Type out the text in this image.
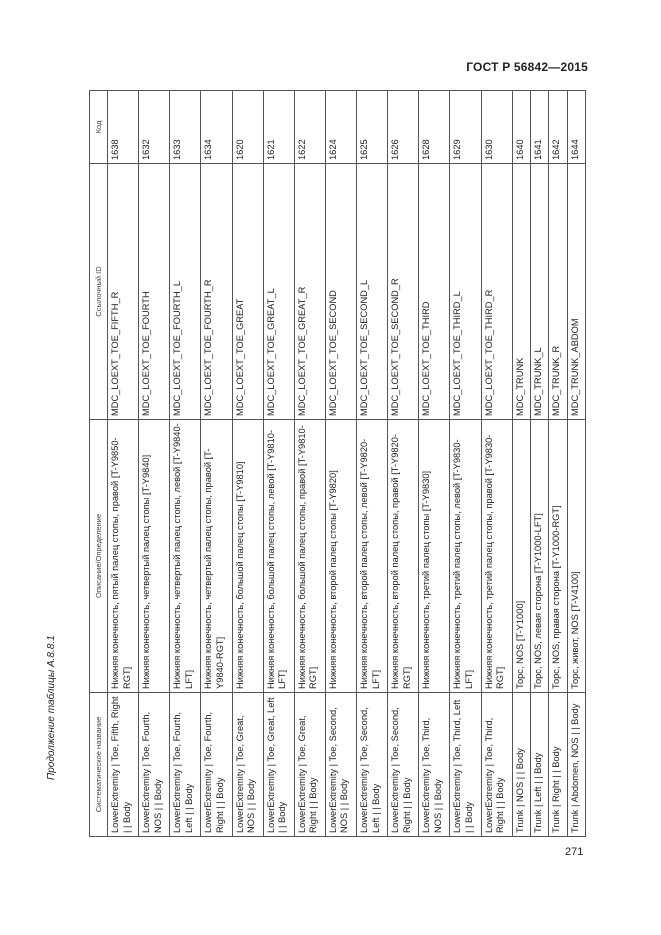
ГОСТ Р 56842—2015
Продолжение таблицы А.8.8.1	Систематическое название	Описание/Определение	Ссылочный ID	Код
LowerExtremity | Toe, Fifth, Right | | Body	Нижняя конечность, пятый палец стопы, правой [T-Y9850-RGT]	MDC_LOEXT_TOE_FIFTH_R	1638
LowerExtremity | Toe, Fourth, NOS | | Body	Нижняя конечность, четвертый палец стопы [T-Y9840]	MDC_LOEXT_TOE_FOURTH	1632
LowerExtremity | Toe, Fourth, Left | | Body	Нижняя конечность, четвертый палец стопы, левой [T-Y9840-LFT]	MDC_LOEXT_TOE_FOURTH_L	1633
LowerExtremity | Toe, Fourth, Right | | Body	Нижняя конечность, четвертый палец стопы, правой [T-Y9840-RGT]	MDC_LOEXT_TOE_FOURTH_R	1634
LowerExtremity | Toe, Great, NOS | | Body	Нижняя конечность, большой палец стопы [T-Y9810]	MDC_LOEXT_TOE_GREAT	1620
LowerExtremity | Toe, Great, Left | | Body	Нижняя конечность, большой палец стопы, левой [T-Y9810-LFT]	MDC_LOEXT_TOE_GREAT_L	1621
LowerExtremity | Toe, Great, Right | | Body	Нижняя конечность, большой палец стопы, правой [T-Y9810-RGT]	MDC_LOEXT_TOE_GREAT_R	1622
LowerExtremity | Toe, Second, NOS | | Body	Нижняя конечность, второй палец стопы [T-Y9820]	MDC_LOEXT_TOE_SECOND	1624
LowerExtremity | Toe, Second, Left | | Body	Нижняя конечность, второй палец стопы, левой [T-Y9820-LFT]	MDC_LOEXT_TOE_SECOND_L	1625
LowerExtremity | Toe, Second, Right | | Body	Нижняя конечность, второй палец стопы, правой [T-Y9820-RGT]	MDC_LOEXT_TOE_SECOND_R	1626
LowerExtremity | Toe, Third, NOS | | Body	Нижняя конечность, третий палец стопы [T-Y9830]	MDC_LOEXT_TOE_THIRD	1628
LowerExtremity | Toe, Third, Left | | Body	Нижняя конечность, третий палец стопы, левой [T-Y9830-LFT]	MDC_LOEXT_TOE_THIRD_L	1629
LowerExtremity | Toe, Third, Right | | Body	Нижняя конечность, третий палец стопы, правой [T-Y9830-RGT]	MDC_LOEXT_TOE_THIRD_R	1630
Trunk | NOS | | Body	Торс, NOS [T-Y1000]	MDC_TRUNK	1640
Trunk | Left | | Body	Торс, NOS, левая сторона [T-Y1000-LFT]	MDC_TRUNK_L	1641
Trunk | Right | | Body	Торс, NOS, правая сторона [T-Y1000-RGT]	MDC_TRUNK_R	1642
Trunk | Abdomen, NOS | | Body	Торс, живот, NOS [T-V4100]	MDC_TRUNK_ABDOM	1644
271
